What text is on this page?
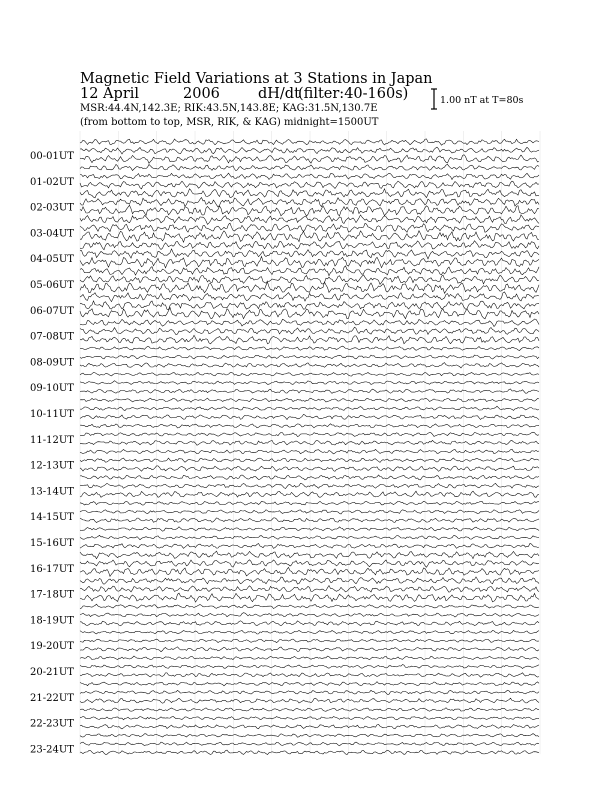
Magnetic Field Variations at 3 Stations in Japan
12 April	2006	dH/dt
(filter:40-160s)
MSR:44.4N,142.3E; RIK:43.5N,143.8E; KAG:31.5N,130.7E
(from bottom to top, MSR, RIK, & KAG) midnight=1500UT
1.00 nT at T=80s
00-01UT
01-02UT
02-03UT
03-04UT
04-05UT
05-06UT
06-07UT
07-08UT
08-09UT
09-10UT
10-11UT
11-12UT
12-13UT
13-14UT
14-15UT
15-16UT
16-17UT
17-18UT
18-19UT
19-20UT
20-21UT
21-22UT
22-23UT
23-24UT
